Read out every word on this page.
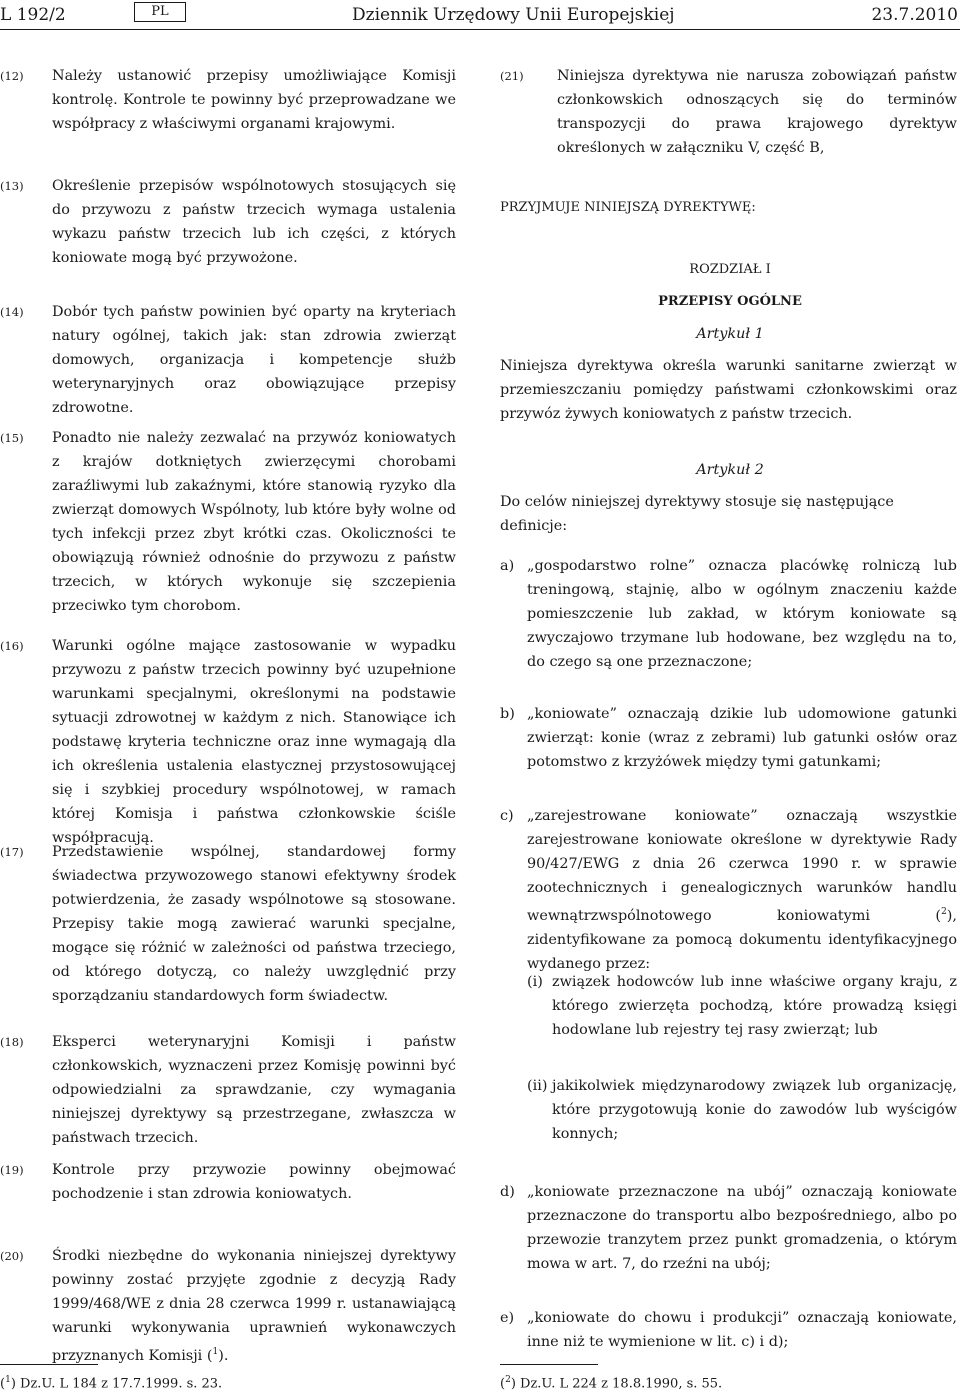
L 192/2	PL	Dziennik Urzędowy Unii Europejskiej	23.7.2010
(12) Należy ustanowić przepisy umożliwiające Komisji kontrolę. Kontrole te powinny być przeprowadzane we współpracy z właściwymi organami krajowymi.
(13) Określenie przepisów wspólnotowych stosujących się do przywozu z państw trzecich wymaga ustalenia wykazu państw trzecich lub ich części, z których koniowate mogą być przywożone.
(14) Dobór tych państw powinien być oparty na kryteriach natury ogólnej, takich jak: stan zdrowia zwierząt domowych, organizacja i kompetencje służb weterynaryjnych oraz obowiązujące przepisy zdrowotne.
(15) Ponadto nie należy zezwalać na przywóz koniowatych z krajów dotkniętych zwierzęcymi chorobami zaraźliwymi lub zakaźnymi, które stanowią ryzyko dla zwierząt domowych Wspólnoty, lub które były wolne od tych infekcji przez zbyt krótki czas. Okoliczności te obowiązują również odnośnie do przywozu z państw trzecich, w których wykonuje się szczepienia przeciwko tym chorobom.
(16) Warunki ogólne mające zastosowanie w wypadku przywozu z państw trzecich powinny być uzupełnione warunkami specjalnymi, określonymi na podstawie sytuacji zdrowotnej w każdym z nich. Stanowiące ich podstawę kryteria techniczne oraz inne wymagają dla ich określenia ustalenia elastycznej przystosowującej się i szybkiej procedury wspólnotowej, w ramach której Komisja i państwa członkowskie ściśle współpracują.
(17) Przedstawienie wspólnej, standardowej formy świadectwa przywozowego stanowi efektywny środek potwierdzenia, że zasady wspólnotowe są stosowane. Przepisy takie mogą zawierać warunki specjalne, mogące się różnić w zależności od państwa trzeciego, od którego dotyczą, co należy uwzględnić przy sporządzaniu standardowych form świadectw.
(18) Eksperci weterynaryjni Komisji i państw członkowskich, wyznaczeni przez Komisję powinni być odpowiedzialni za sprawdzanie, czy wymagania niniejszej dyrektywy są przestrzegane, zwłaszcza w państwach trzecich.
(19) Kontrole przy przywozie powinny obejmować pochodzenie i stan zdrowia koniowatych.
(20) Środki niezbędne do wykonania niniejszej dyrektywy powinny zostać przyjęte zgodnie z decyzją Rady 1999/468/WE z dnia 28 czerwca 1999 r. ustanawiającą warunki wykonywania uprawnień wykonawczych przyznanych Komisji ($^1$).
($^1$) Dz.U. L 184 z 17.7.1999. s. 23.
(21) Niniejsza dyrektywa nie narusza zobowiązań państw członkowskich odnoszących się do terminów transpozycji do prawa krajowego dyrektyw określonych w załączniku V, część B,
PRZYJMUJE NINIEJSZĄ DYREKTYWĘ:
ROZDZIAŁ I
PRZEPISY OGÓLNE
Artykuł 1
Niniejsza dyrektywa określa warunki sanitarne zwierząt w przemieszczaniu pomiędzy państwami członkowskimi oraz przywóz żywych koniowatych z państw trzecich.
Artykuł 2
Do celów niniejszej dyrektywy stosuje się następujące definicje:
a) „gospodarstwo rolne” oznacza placówkę rolniczą lub treningową, stajnię, albo w ogólnym znaczeniu każde pomieszczenie lub zakład, w którym koniowate są zwyczajowo trzymane lub hodowane, bez względu na to, do czego są one przeznaczone;
b) „koniowate” oznaczają dzikie lub udomowione gatunki zwierząt: konie (wraz z zebrami) lub gatunki osłów oraz potomstwo z krzyżówek między tymi gatunkami;
c) „zarejestrowane koniowate” oznaczają wszystkie zarejestrowane koniowate określone w dyrektywie Rady 90/427/EWG z dnia 26 czerwca 1990 r. w sprawie zootechnicznych i genealogicznych warunków handlu wewnątrzwspólnotowego koniowatymi ($^2$), zidentyfikowane za pomocą dokumentu identyfikacyjnego wydanego przez:
(i) związek hodowców lub inne właściwe organy kraju, z którego zwierzęta pochodzą, które prowadzą księgi hodowlane lub rejestry tej rasy zwierząt; lub
(ii) jakikolwiek międzynarodowy związek lub organizację, które przygotowują konie do zawodów lub wyścigów konnych;
d) „koniowate przeznaczone na ubój” oznaczają koniowate przeznaczone do transportu albo bezpośredniego, albo po przewozie tranzytem przez punkt gromadzenia, o którym mowa w art. 7, do rzeźni na ubój;
e) „koniowate do chowu i produkcji” oznaczają koniowate, inne niż te wymienione w lit. c) i d);
($^2$) Dz.U. L 224 z 18.8.1990, s. 55.
